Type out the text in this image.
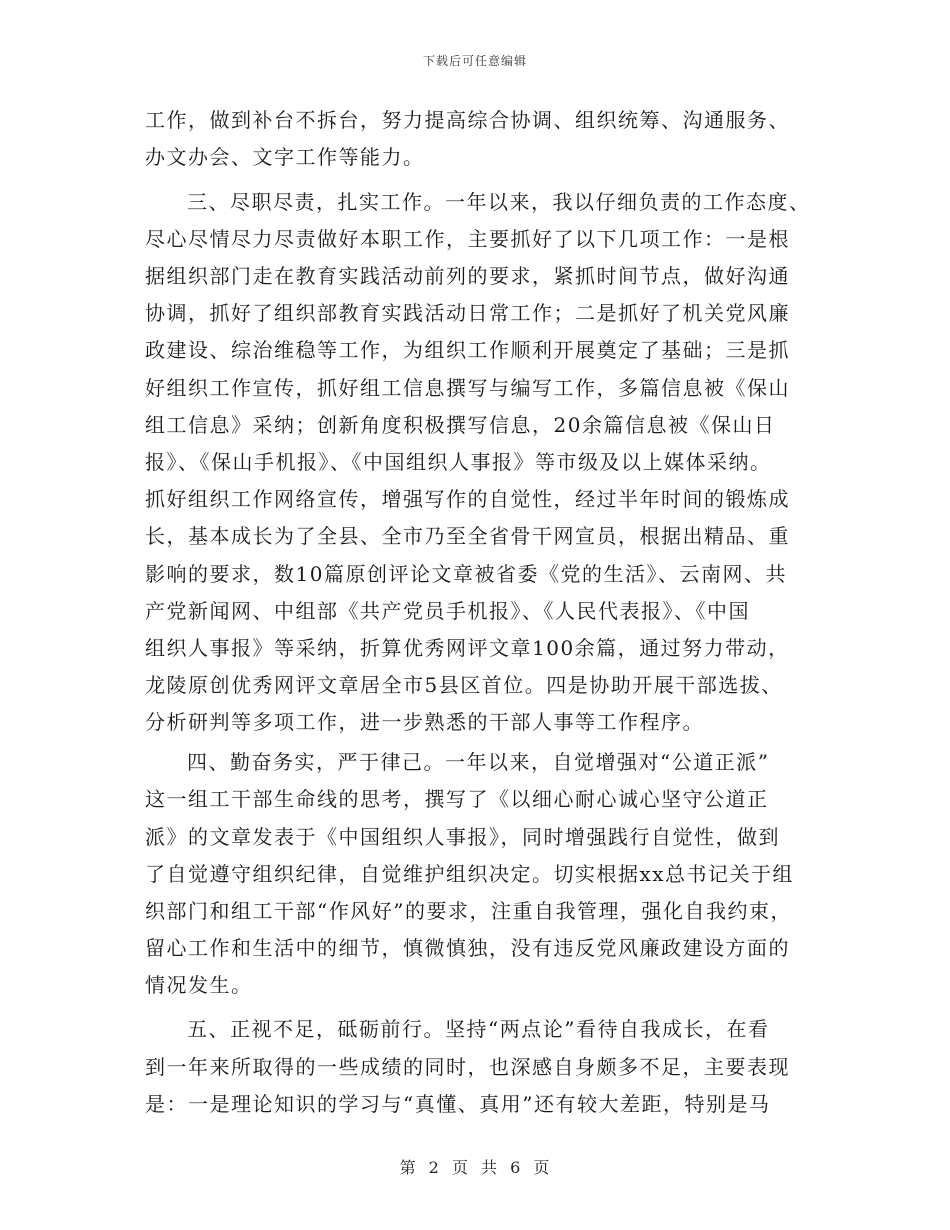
下载后可任意编辑
工作，做到补台不拆台，努力提高综合协调、组织统筹、沟通服务、
办文办会、文字工作等能力。
三、尽职尽责，扎实工作。一年以来，我以仔细负责的工作态度、
尽心尽情尽力尽责做好本职工作，主要抓好了以下几项工作：一是根
据组织部门走在教育实践活动前列的要求，紧抓时间节点，做好沟通
协调，抓好了组织部教育实践活动日常工作；二是抓好了机关党风廉
政建设、综治维稳等工作，为组织工作顺利开展奠定了基础；三是抓
好组织工作宣传，抓好组工信息撰写与编写工作，多篇信息被《保山
组工信息》采纳；创新角度积极撰写信息，20余篇信息被《保山日
报》、《保山手机报》、《中国组织人事报》等市级及以上媒体采纳。
抓好组织工作网络宣传，增强写作的自觉性，经过半年时间的锻炼成
长，基本成长为了全县、全市乃至全省骨干网宣员，根据出精品、重
影响的要求，数10篇原创评论文章被省委《党的生活》、云南网、共
产党新闻网、中组部《共产党员手机报》、《人民代表报》、《中国
组织人事报》等采纳，折算优秀网评文章100余篇，通过努力带动，
龙陵原创优秀网评文章居全市5县区首位。四是协助开展干部选拔、
分析研判等多项工作，进一步熟悉的干部人事等工作程序。
四、勤奋务实，严于律己。一年以来，自觉增强对“公道正派”
这一组工干部生命线的思考，撰写了《以细心耐心诚心坚守公道正
派》的文章发表于《中国组织人事报》，同时增强践行自觉性，做到
了自觉遵守组织纪律，自觉维护组织决定。切实根据xx总书记关于组
织部门和组工干部“作风好”的要求，注重自我管理，强化自我约束，
留心工作和生活中的细节，慎微慎独，没有违反党风廉政建设方面的
情况发生。
五、正视不足，砥砺前行。坚持“两点论”看待自我成长，在看
到一年来所取得的一些成绩的同时，也深感自身颇多不足，主要表现
是：一是理论知识的学习与“真懂、真用”还有较大差距，特别是马
第 2 页 共 6 页
